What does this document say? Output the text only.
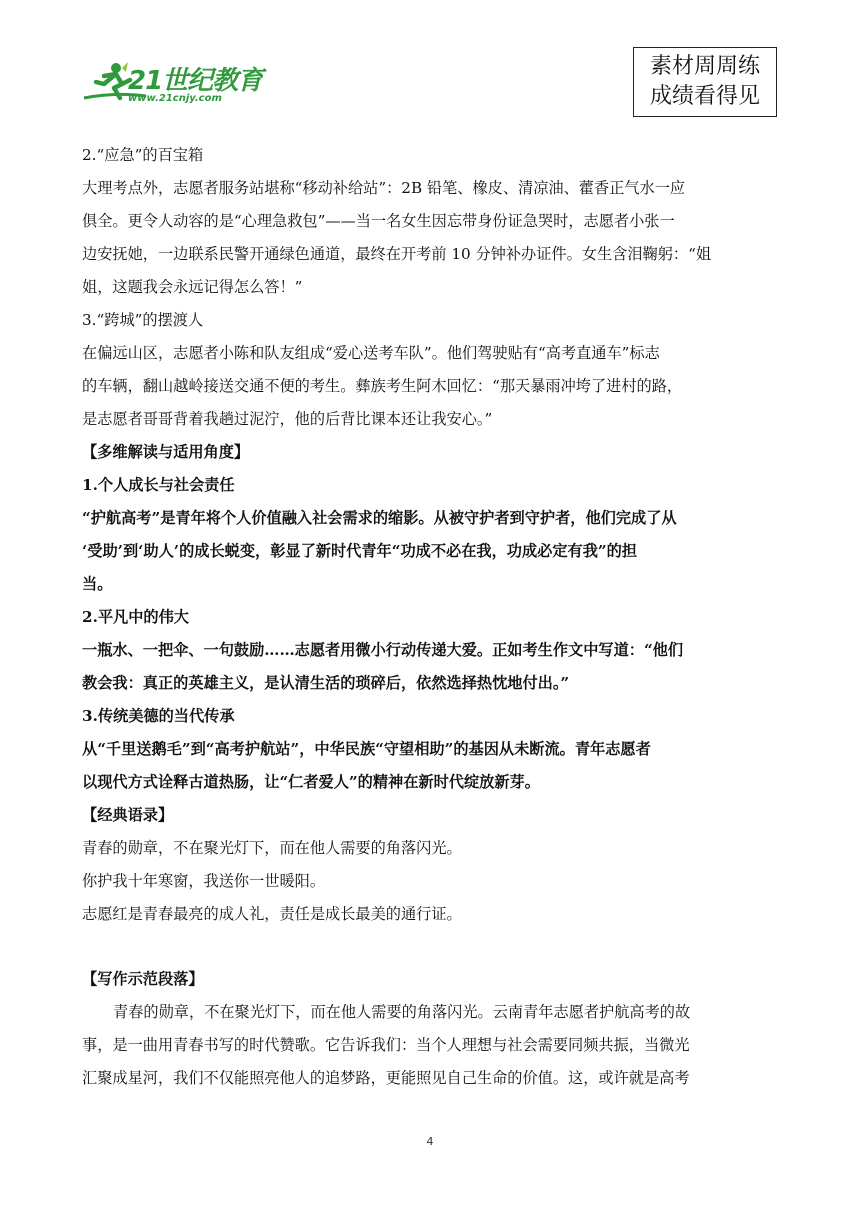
21世纪教育
www.21cnjy.com
素材周周练
成绩看得见
2.“应急”的百宝箱
大理考点外，志愿者服务站堪称“移动补给站”：2B 铅笔、橡皮、清凉油、藿香正气水一应
俱全。更令人动容的是“心理急救包”——当一名女生因忘带身份证急哭时，志愿者小张一
边安抚她，一边联系民警开通绿色通道，最终在开考前 10 分钟补办证件。女生含泪鞠躬：“姐
姐，这题我会永远记得怎么答！”
3.“跨城”的摆渡人
在偏远山区，志愿者小陈和队友组成“爱心送考车队”。他们驾驶贴有“高考直通车”标志
的车辆，翻山越岭接送交通不便的考生。彝族考生阿木回忆：“那天暴雨冲垮了进村的路，
是志愿者哥哥背着我趟过泥泞，他的后背比课本还让我安心。”
【多维解读与适用角度】
1.个人成长与社会责任
“护航高考”是青年将个人价值融入社会需求的缩影。从被守护者到守护者，他们完成了从
‘受助’到‘助人’的成长蜕变，彰显了新时代青年“功成不必在我，功成必定有我”的担
当。
2.平凡中的伟大
一瓶水、一把伞、一句鼓励……志愿者用微小行动传递大爱。正如考生作文中写道：“他们
教会我：真正的英雄主义，是认清生活的琐碎后，依然选择热忱地付出。”
3.传统美德的当代传承
从“千里送鹅毛”到“高考护航站”，中华民族“守望相助”的基因从未断流。青年志愿者
以现代方式诠释古道热肠，让“仁者爱人”的精神在新时代绽放新芽。
【经典语录】
青春的勋章，不在聚光灯下，而在他人需要的角落闪光。
你护我十年寒窗，我送你一世暖阳。
志愿红是青春最亮的成人礼，责任是成长最美的通行证。
【写作示范段落】
青春的勋章，不在聚光灯下，而在他人需要的角落闪光。云南青年志愿者护航高考的故
事，是一曲用青春书写的时代赞歌。它告诉我们：当个人理想与社会需要同频共振，当微光
汇聚成星河，我们不仅能照亮他人的追梦路，更能照见自己生命的价值。这，或许就是高考
4
